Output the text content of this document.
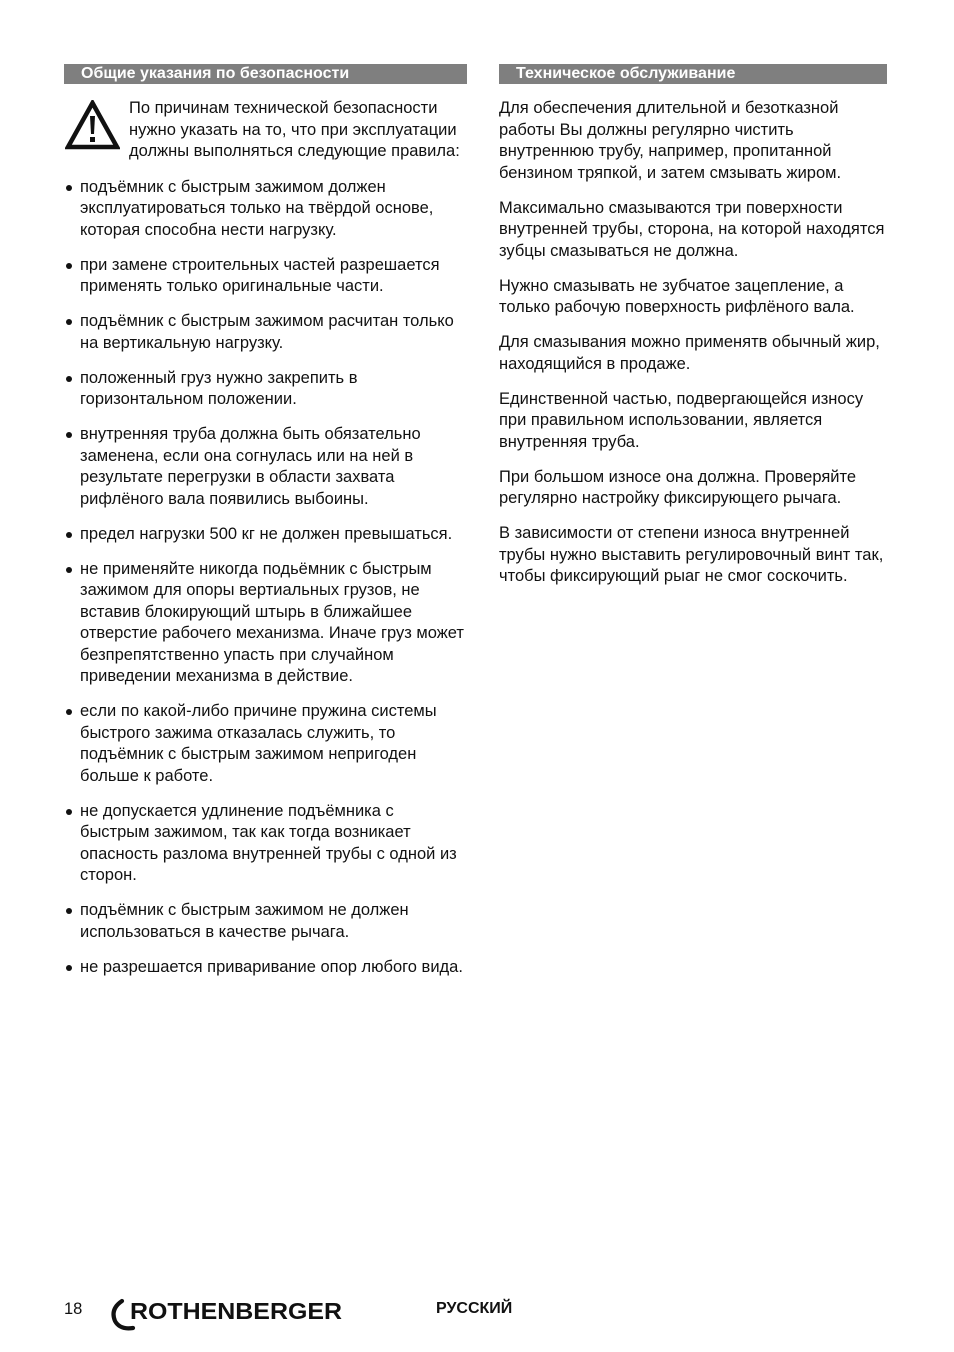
Общие указания по безопасности
По причинам технической безопасности нужно указать на то, что при эксплуатации должны выполняться следующие правила:
подъёмник с быстрым зажимом должен эксплуатироваться только на твёрдой основе, которая способна нести нагрузку.
при замене строительных частей разрешается применять только оригинальные части.
подъёмник с быстрым зажимом расчитан только на вертикальную нагрузку.
положенный груз нужно закрепить в горизонтальном положении.
внутренняя труба должна быть обязательно заменена, если она согнулась или на ней в результате перегрузки в области захвата рифлёного вала появились выбоины.
предел нагрузки 500 кг не должен превышаться.
не применяйте никогда подьёмник с быстрым зажимом для опоры вертиальных грузов, не вставив блокирующий штырь в ближайшее отверстие рабочего механизма. Иначе груз может безпрепятственно упасть при случайном приведении механизма в действие.
если по какой-либо причине пружина системы быстрого зажима отказалась служить, то подъёмник с быстрым зажимом непригоден больше к работе.
не допускается удлинение подъёмника с быстрым зажимом, так как тогда возникает опасность разлома внутренней трубы с одной из сторон.
подъёмник с быстрым зажимом не должен использоваться в качестве рычага.
не разрешается приваривание опор любого вида.
Техническое обслуживание

Для обеспечения длительной и безотказной работы Вы должны регулярно чистить внутреннюю трубу, например, пропитанной бензином тряпкой, и затем смзывать жиром.

Максимально смазываются три поверхности внутренней трубы, сторона, на которой находятся зубцы смазываться не должна.

Нужно смазывать не зубчатое зацепление, а только рабочую поверхность рифлёного вала.

Для смазывания можно применятв обычный жир, находящийся в продаже.

Единственной частью, подвергающейся износу при правильном использовании, является внутренняя труба.

При большом износе она должна. Проверяйте регулярно настройку фиксирующего рычага.

В зависимости от степени износа внутренней трубы нужно выставить регулировочный винт так, чтобы фиксирующий рыаг не смог соскочить.

18 ROTHENBERGER	РУССКИЙ
